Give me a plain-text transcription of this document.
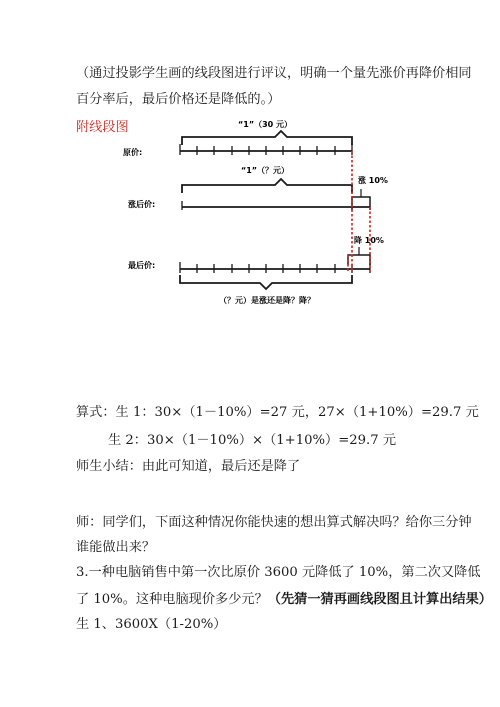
（通过投影学生画的线段图进行评议，明确一个量先涨价再降价相同
百分率后，最后价格还是降低的。）
附线段图	“1”（30 元）
原价:
“1”（？元）
涨后价:
涨 10%
最后价:
降 10%
（？元）是涨还是降？降？
算式：生 1：30×（1－10%）=27 元，27×（1+10%）=29.7 元
生 2：30×（1－10%）×（1+10%）=29.7 元
师生小结：由此可知道，最后还是降了
师：同学们，下面这种情况你能快速的想出算式解决吗？给你三分钟
谁能做出来？
3.一种电脑销售中第一次比原价 3600 元降低了 10%，第二次又降低
了 10%。这种电脑现价多少元？（先猜一猜再画线段图且计算出结果）
生 1、3600X（1-20%）
